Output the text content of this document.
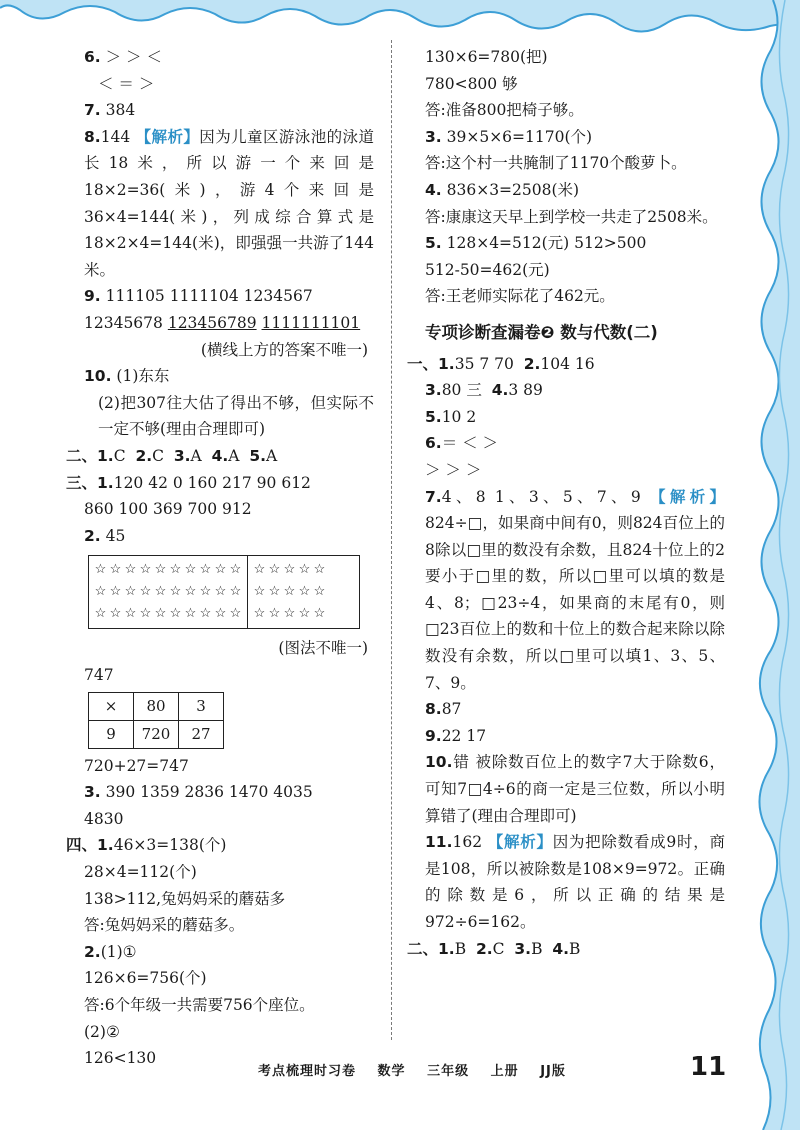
6. ＞ ＞ ＜
＜ ＝ ＞
7. 384
8.144 【解析】因为儿童区游泳池的泳道长18米，所以游一个来回是18×2=36(米)，游4个来回是36×4=144(米)，列成综合算式是18×2×4=144(米)，即强强一共游了144米。
9. 111105 1111104 1234567
12345678 123456789 1111111101
(横线上方的答案不唯一)
10. (1)东东
(2)把307往大估了得出不够，但实际不一定不够(理由合理即可)
二、1.C 2.C 3.A 4.A 5.A
三、1.120 42 0 160 217 90 612
860 100 369 700 912
2. 45
☆ ☆ ☆ ☆ ☆ ☆ ☆ ☆ ☆ ☆
☆ ☆ ☆ ☆ ☆ ☆ ☆ ☆ ☆ ☆
☆ ☆ ☆ ☆ ☆ ☆ ☆ ☆ ☆ ☆
☆ ☆ ☆ ☆ ☆
☆ ☆ ☆ ☆ ☆
☆ ☆ ☆ ☆ ☆
(图法不唯一)
747
×	80	3
9	720	27
720+27=747
3. 390 1359 2836 1470 4035
4830
四、1.46×3=138(个)
28×4=112(个)
138>112,兔妈妈采的蘑菇多
答:兔妈妈采的蘑菇多。
2.(1)①
126×6=756(个)
答:6个年级一共需要756个座位。
(2)②
126<130
130×6=780(把)
780<800 够
答:准备800把椅子够。
3. 39×5×6=1170(个)
答:这个村一共腌制了1170个酸萝卜。
4. 836×3=2508(米)
答:康康这天早上到学校一共走了2508米。
5. 128×4=512(元) 512>500
512-50=462(元)
答:王老师实际花了462元。
专项诊断查漏卷❷ 数与代数(二)
一、1.35 7 70 2.104 16
3.80 三 4.3 89
5.10 2
6.＝ ＜ ＞
＞ ＞ ＞
7.4、8 1、3、5、7、9 【解析】824÷□，如果商中间有0，则824百位上的8除以□里的数没有余数，且824十位上的2要小于□里的数，所以□里可以填的数是4、8；□23÷4，如果商的末尾有0，则□23百位上的数和十位上的数合起来除以除数没有余数，所以□里可以填1、3、5、7、9。
8.87
9.22 17
10.错 被除数百位上的数字7大于除数6，可知7□4÷6的商一定是三位数，所以小明算错了(理由合理即可)
11.162 【解析】因为把除数看成9时，商是108，所以被除数是108×9=972。正确的除数是6，所以正确的结果是972÷6=162。
二、1.B 2.C 3.B 4.B
考点梳理时习卷 数学 三年级 上册 JJ版	11
